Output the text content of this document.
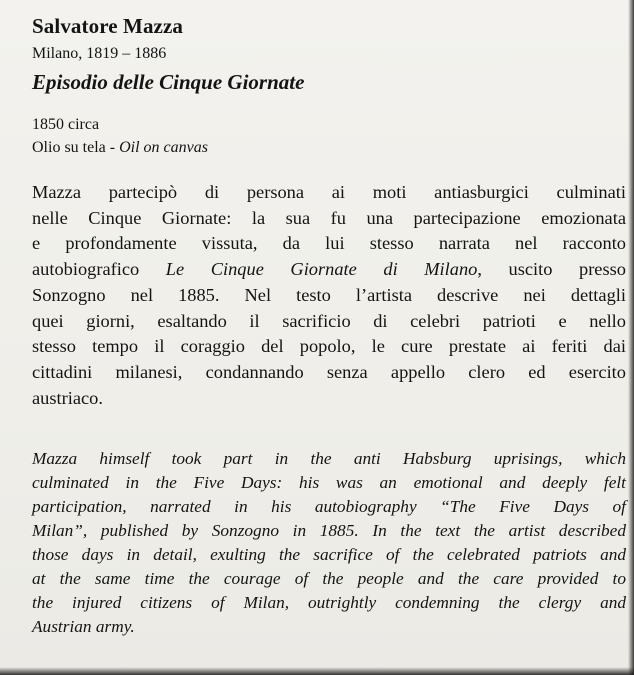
Salvatore Mazza
Milano, 1819 – 1886
Episodio delle Cinque Giornate
1850 circa
Olio su tela - Oil on canvas
Mazza partecipò di persona ai moti antiasburgici culminati
nelle Cinque Giornate: la sua fu una partecipazione emozionata
e profondamente vissuta, da lui stesso narrata nel racconto
autobiografico Le Cinque Giornate di Milano, uscito presso
Sonzogno nel 1885. Nel testo l’artista descrive nei dettagli
quei giorni, esaltando il sacrificio di celebri patrioti e nello
stesso tempo il coraggio del popolo, le cure prestate ai feriti dai
cittadini milanesi, condannando senza appello clero ed esercito
austriaco.
Mazza himself took part in the anti Habsburg uprisings, which
culminated in the Five Days: his was an emotional and deeply felt
participation, narrated in his autobiography “The Five Days of
Milan”, published by Sonzogno in 1885. In the text the artist described
those days in detail, exulting the sacrifice of the celebrated patriots and
at the same time the courage of the people and the care provided to
the injured citizens of Milan, outrightly condemning the clergy and
Austrian army.
